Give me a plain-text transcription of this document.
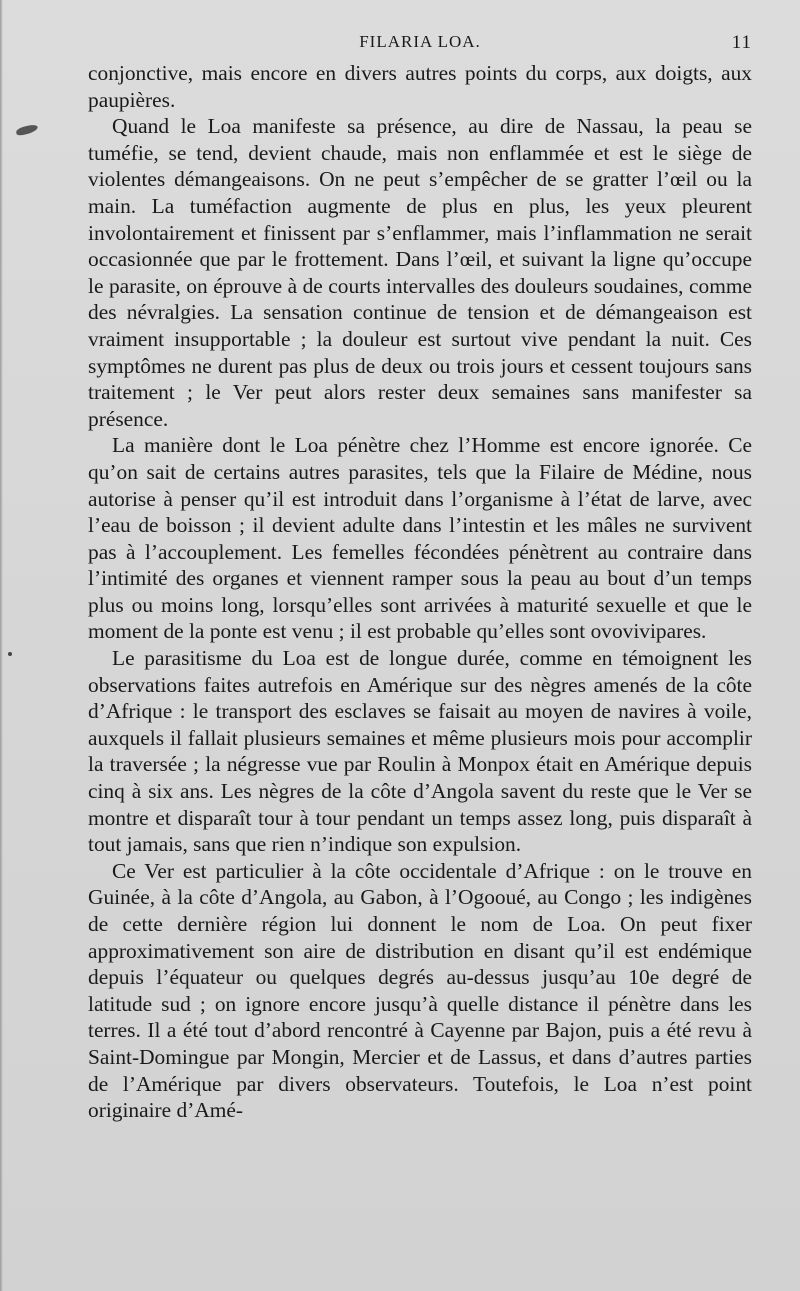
FILARIA LOA.	11

conjonctive, mais encore en divers autres points du corps, aux doigts, aux paupières.

Quand le Loa manifeste sa présence, au dire de Nassau, la peau se tuméfie, se tend, devient chaude, mais non enflammée et est le siège de violentes démangeaisons. On ne peut s’empêcher de se gratter l’œil ou la main. La tuméfaction augmente de plus en plus, les yeux pleurent involontairement et finissent par s’enflammer, mais l’inflammation ne serait occasionnée que par le frottement. Dans l’œil, et suivant la ligne qu’occupe le parasite, on éprouve à de courts intervalles des douleurs soudaines, comme des névralgies. La sensation continue de tension et de démangeaison est vraiment insupportable ; la douleur est surtout vive pendant la nuit. Ces symptômes ne durent pas plus de deux ou trois jours et cessent toujours sans traitement ; le Ver peut alors rester deux semaines sans manifester sa présence.

La manière dont le Loa pénètre chez l’Homme est encore ignorée. Ce qu’on sait de certains autres parasites, tels que la Filaire de Médine, nous autorise à penser qu’il est introduit dans l’organisme à l’état de larve, avec l’eau de boisson ; il devient adulte dans l’intestin et les mâles ne survivent pas à l’accouplement. Les femelles fécondées pénètrent au contraire dans l’intimité des organes et viennent ramper sous la peau au bout d’un temps plus ou moins long, lorsqu’elles sont arrivées à maturité sexuelle et que le moment de la ponte est venu ; il est probable qu’elles sont ovovivipares.

Le parasitisme du Loa est de longue durée, comme en témoignent les observations faites autrefois en Amérique sur des nègres amenés de la côte d’Afrique : le transport des esclaves se faisait au moyen de navires à voile, auxquels il fallait plusieurs semaines et même plusieurs mois pour accomplir la traversée ; la négresse vue par Roulin à Monpox était en Amérique depuis cinq à six ans. Les nègres de la côte d’Angola savent du reste que le Ver se montre et disparaît tour à tour pendant un temps assez long, puis disparaît à tout jamais, sans que rien n’indique son expulsion.

Ce Ver est particulier à la côte occidentale d’Afrique : on le trouve en Guinée, à la côte d’Angola, au Gabon, à l’Ogooué, au Congo ; les indigènes de cette dernière région lui donnent le nom de Loa. On peut fixer approximativement son aire de distribution en disant qu’il est endémique depuis l’équateur ou quelques degrés au-dessus jusqu’au 10e degré de latitude sud ; on ignore encore jusqu’à quelle distance il pénètre dans les terres. Il a été tout d’abord rencontré à Cayenne par Bajon, puis a été revu à Saint-Domingue par Mongin, Mercier et de Lassus, et dans d’autres parties de l’Amérique par divers observateurs. Toutefois, le Loa n’est point originaire d’Amé-
